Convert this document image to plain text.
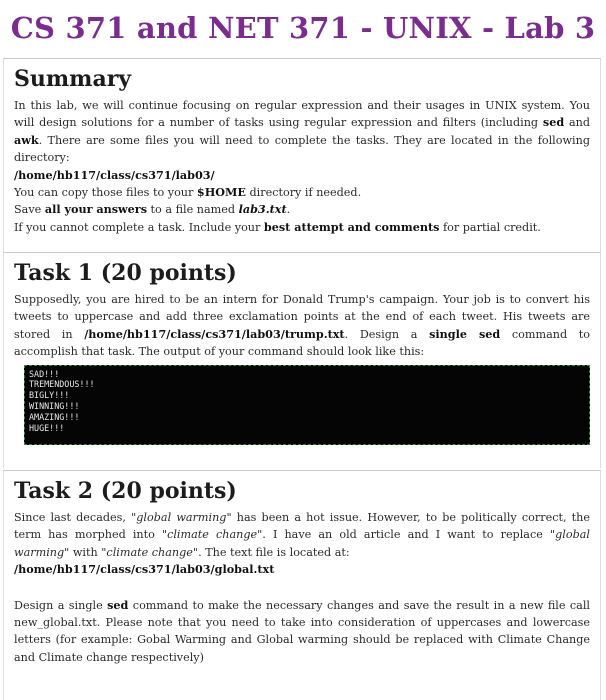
CS 371 and NET 371 - UNIX - Lab 3
Summary

In this lab, we will continue focusing on regular expression and their usages in UNIX system. You will design solutions for a number of tasks using regular expression and filters (including sed and awk. There are some files you will need to complete the tasks. They are located in the following directory:

/home/hb117/class/cs371/lab03/
You can copy those files to your $HOME directory if needed.
Save all your answers to a file named lab3.txt.
If you cannot complete a task. Include your best attempt and comments for partial credit.
Task 1 (20 points)

Supposedly, you are hired to be an intern for Donald Trump's campaign. Your job is to convert his tweets to uppercase and add three exclamation points at the end of each tweet. His tweets are stored in /home/hb117/class/cs371/lab03/trump.txt. Design a single sed command to accomplish that task. The output of your command should look like this:

SAD!!!
TREMENDOUS!!!
BIGLY!!!
WINNING!!!
AMAZING!!!
HUGE!!!
Task 2 (20 points)

Since last decades, "global warming" has been a hot issue. However, to be politically correct, the term has morphed into "climate change". I have an old article and I want to replace "global warming" with "climate change". The text file is located at:

/home/hb117/class/cs371/lab03/global.txt

Design a single sed command to make the necessary changes and save the result in a new file call new_global.txt. Please note that you need to take into consideration of uppercases and lowercase letters (for example: Gobal Warming and Global warming should be replaced with Climate Change and Climate change respectively)
